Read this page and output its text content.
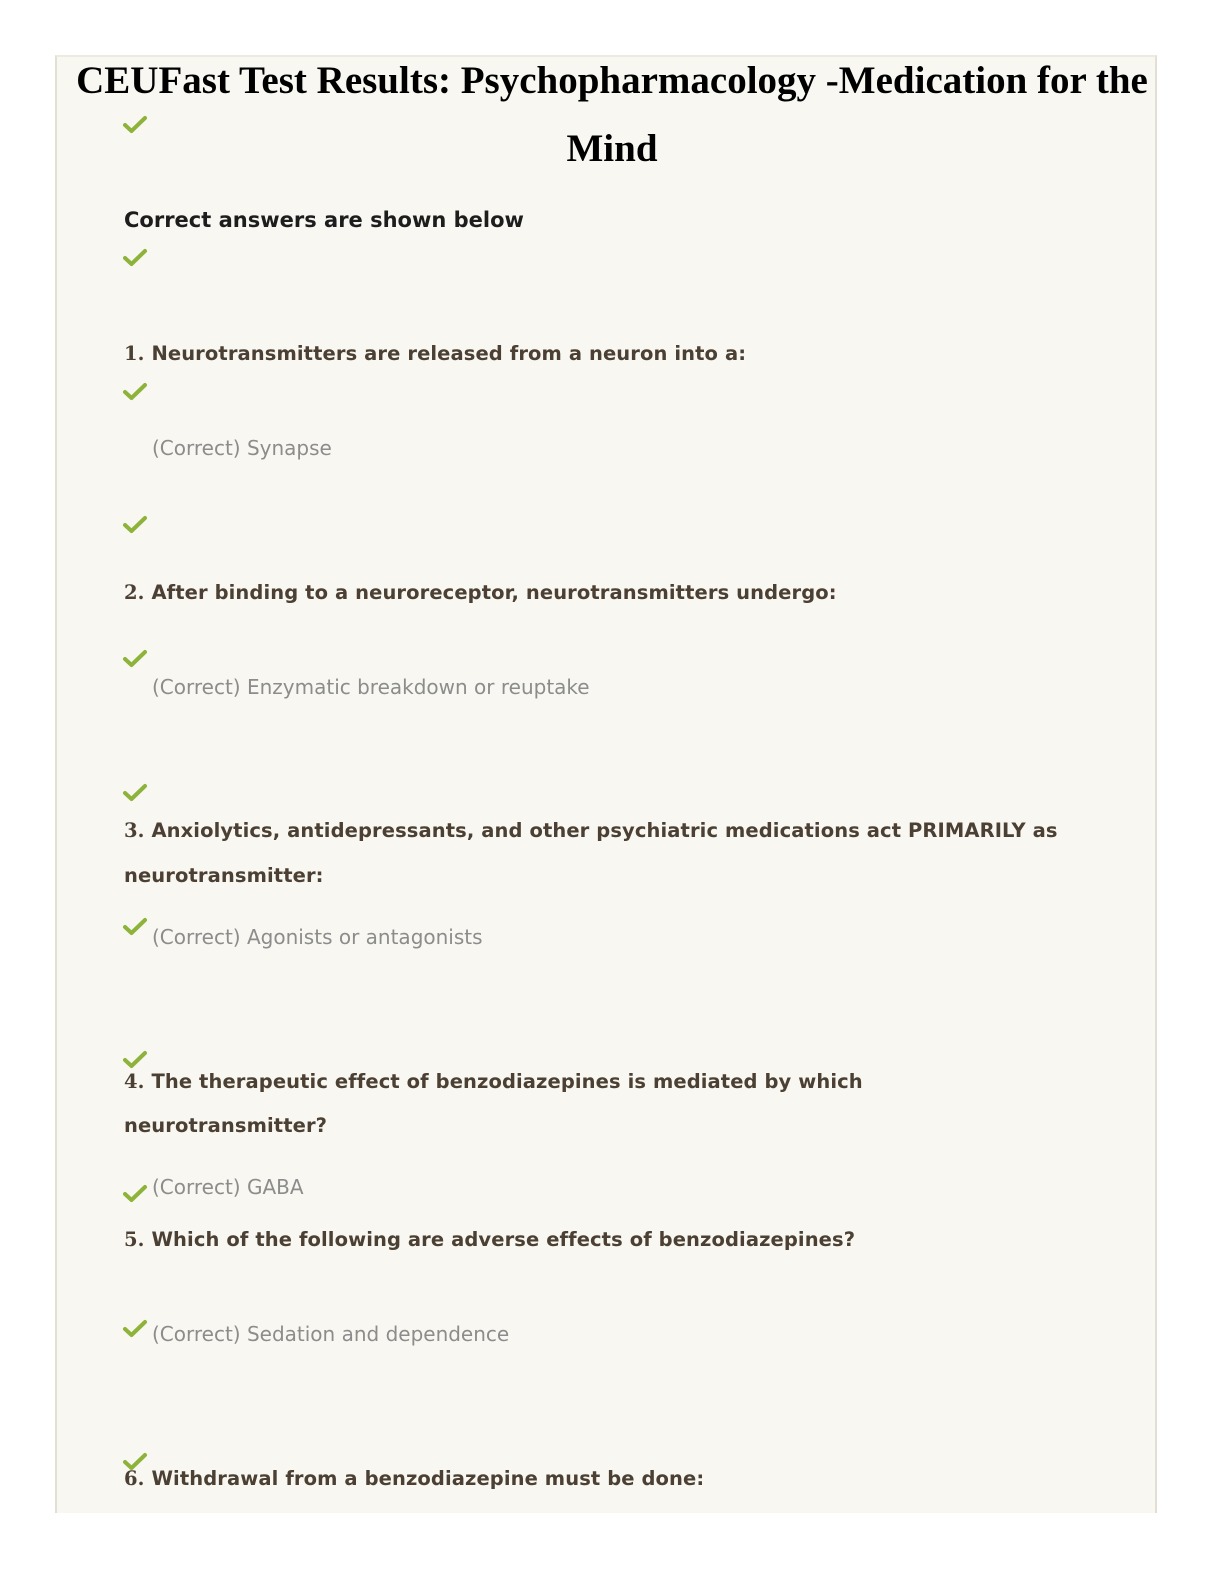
CEUFast Test Results: Psychopharmacology -Medication for the
Mind

Correct answers are shown below

1. Neurotransmitters are released from a neuron into a:

(Correct) Synapse

2. After binding to a neuroreceptor, neurotransmitters undergo:

(Correct) Enzymatic breakdown or reuptake

3. Anxiolytics, antidepressants, and other psychiatric medications act PRIMARILY as

neurotransmitter:

(Correct) Agonists or antagonists

4. The therapeutic effect of benzodiazepines is mediated by which

neurotransmitter?

(Correct) GABA

5. Which of the following are adverse effects of benzodiazepines?

(Correct) Sedation and dependence

6. Withdrawal from a benzodiazepine must be done:
